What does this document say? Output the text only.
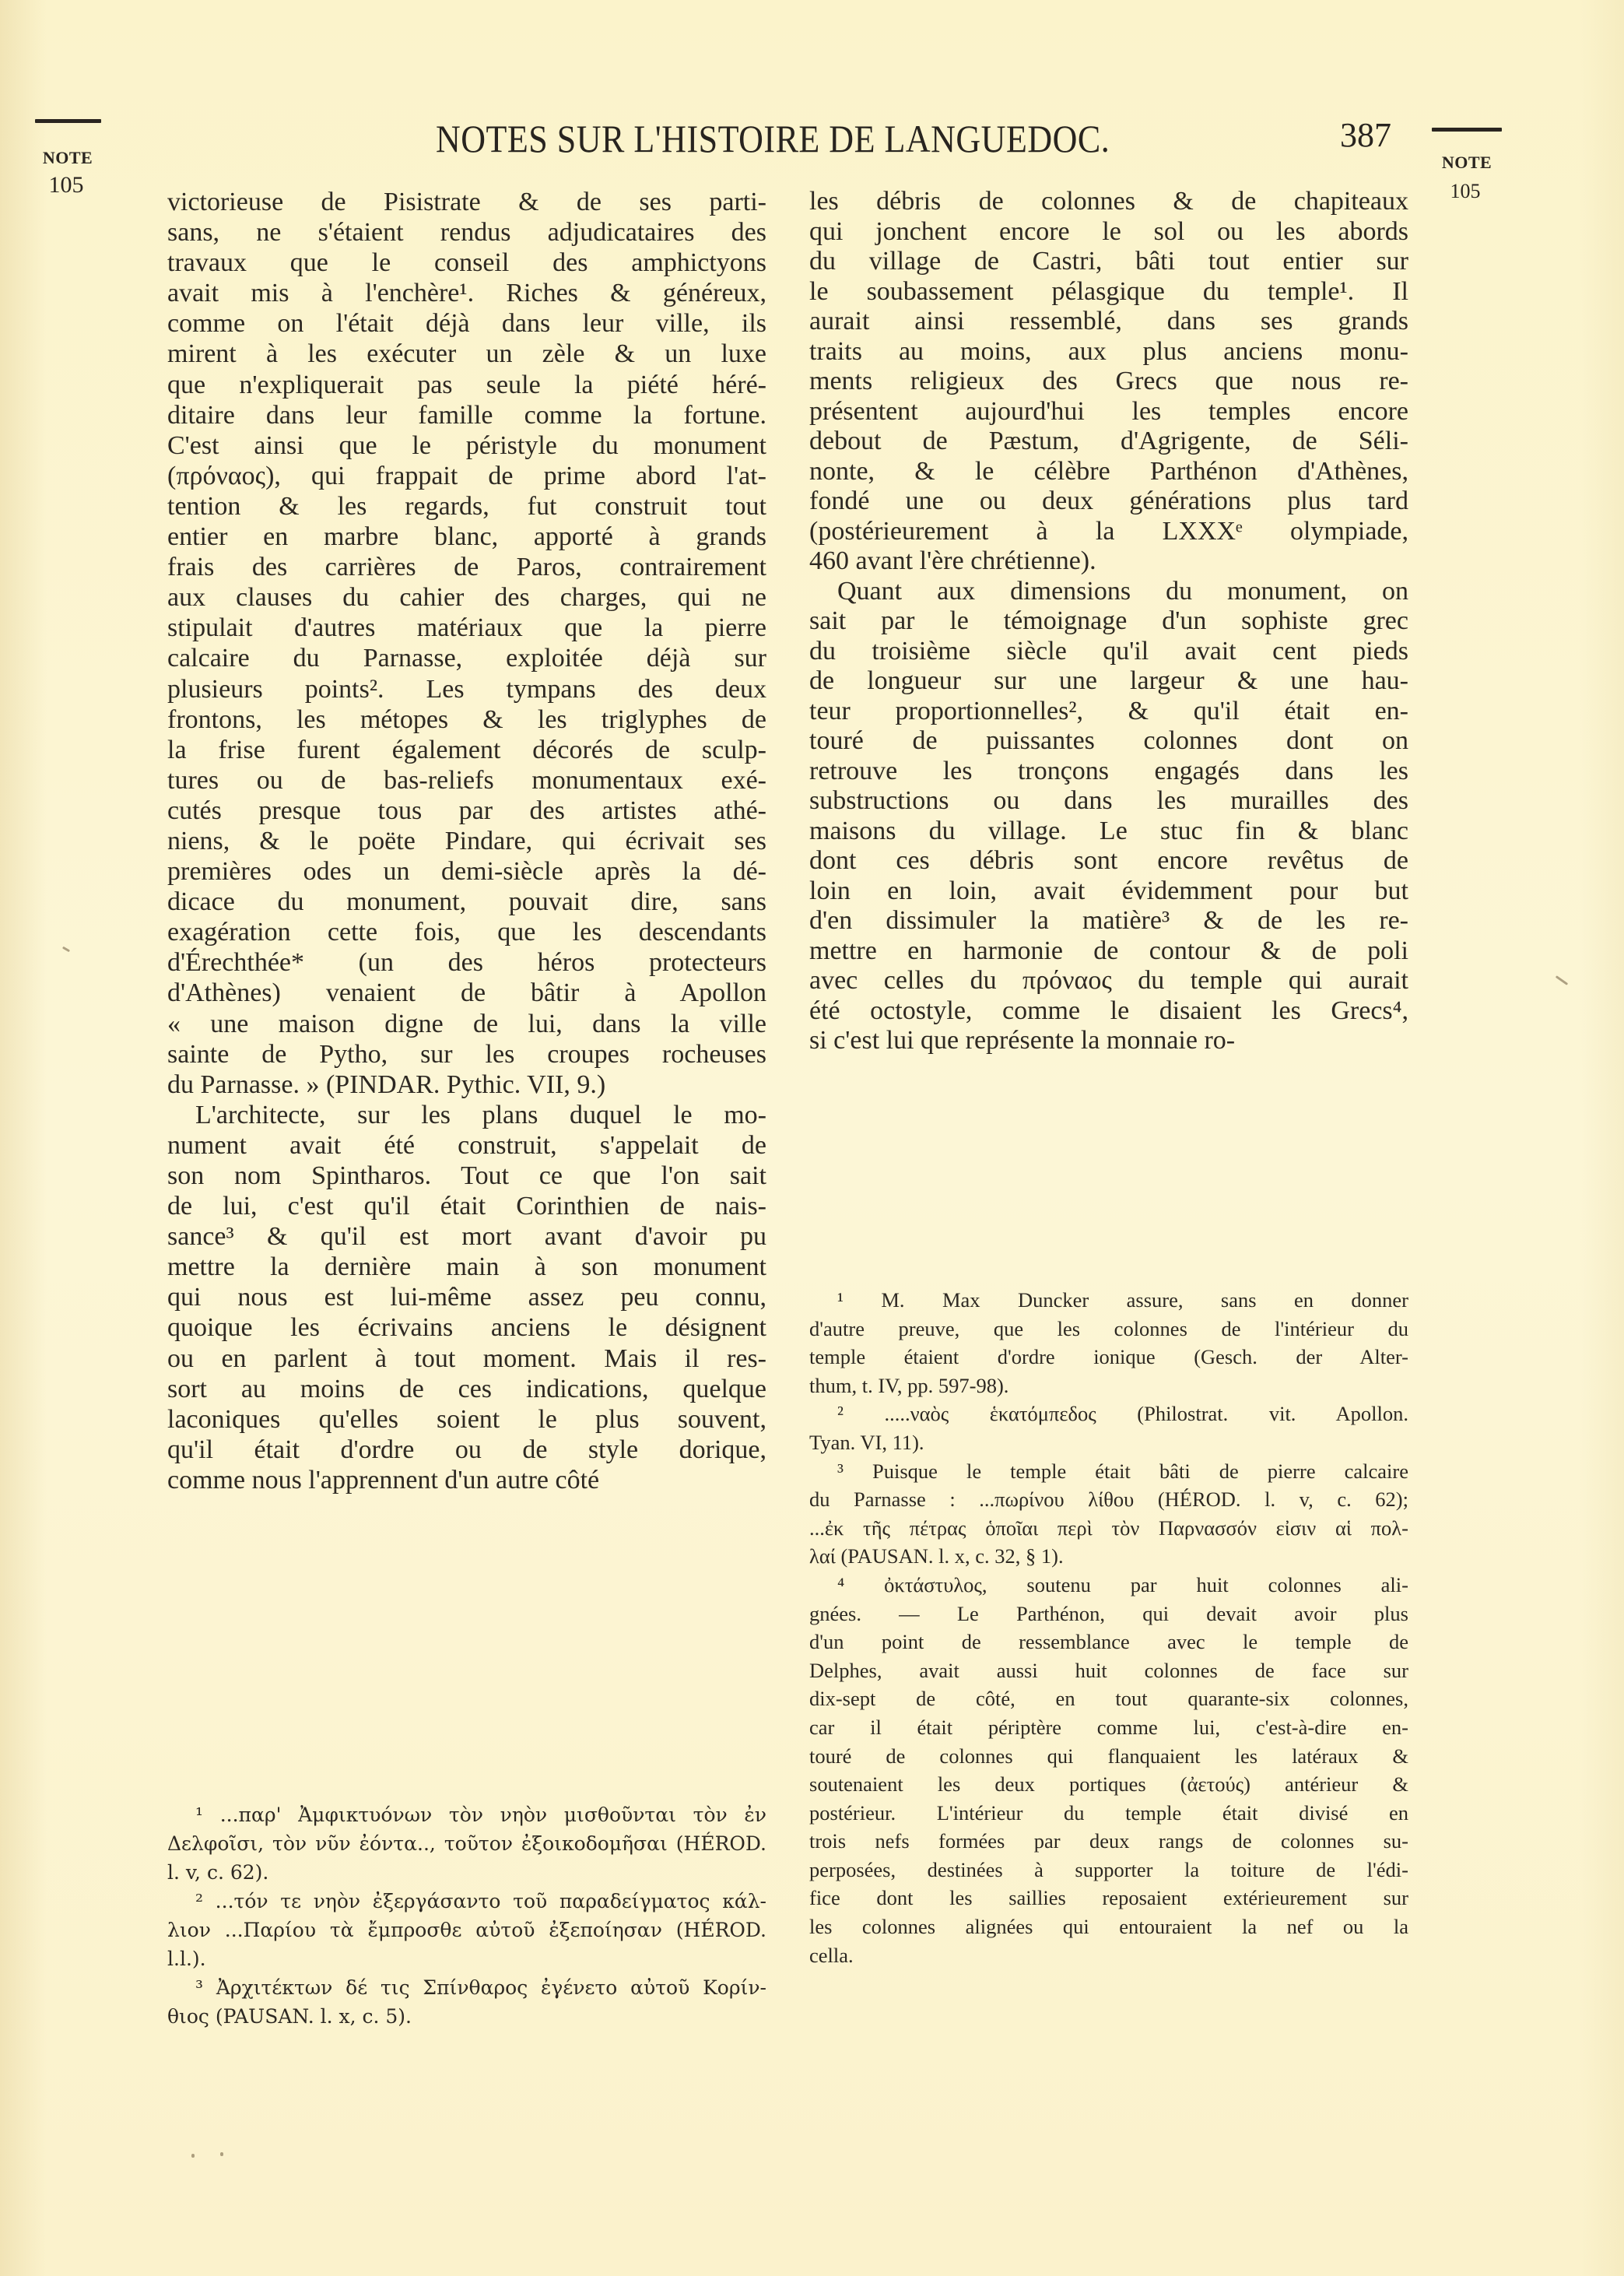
NOTES SUR L'HISTOIRE DE LANGUEDOC.	387
NOTE
105
NOTE
105
victorieuse de Pisistrate & de ses parti-
sans, ne s'étaient rendus adjudicataires des
travaux que le conseil des amphictyons
avait mis à l'enchère¹. Riches & généreux,
comme on l'était déjà dans leur ville, ils
mirent à les exécuter un zèle & un luxe
que n'expliquerait pas seule la piété héré-
ditaire dans leur famille comme la fortune.
C'est ainsi que le péristyle du monument
(πρόναος), qui frappait de prime abord l'at-
tention & les regards, fut construit tout
entier en marbre blanc, apporté à grands
frais des carrières de Paros, contrairement
aux clauses du cahier des charges, qui ne
stipulait d'autres matériaux que la pierre
calcaire du Parnasse, exploitée déjà sur
plusieurs points². Les tympans des deux
frontons, les métopes & les triglyphes de
la frise furent également décorés de sculp-
tures ou de bas-reliefs monumentaux exé-
cutés presque tous par des artistes athé-
niens, & le poëte Pindare, qui écrivait ses
premières odes un demi-siècle après la dé-
dicace du monument, pouvait dire, sans
exagération cette fois, que les descendants
d'Érechthée* (un des héros protecteurs
d'Athènes) venaient de bâtir à Apollon
« une maison digne de lui, dans la ville
sainte de Pytho, sur les croupes rocheuses
du Parnasse. » (PINDAR. Pythic. VII, 9.)
L'architecte, sur les plans duquel le mo-
nument avait été construit, s'appelait de
son nom Spintharos. Tout ce que l'on sait
de lui, c'est qu'il était Corinthien de nais-
sance³ & qu'il est mort avant d'avoir pu
mettre la dernière main à son monument
qui nous est lui-même assez peu connu,
quoique les écrivains anciens le désignent
ou en parlent à tout moment. Mais il res-
sort au moins de ces indications, quelque
laconiques qu'elles soient le plus souvent,
qu'il était d'ordre ou de style dorique,
comme nous l'apprennent d'un autre côté
les débris de colonnes & de chapiteaux
qui jonchent encore le sol ou les abords
du village de Castri, bâti tout entier sur
le soubassement pélasgique du temple¹. Il
aurait ainsi ressemblé, dans ses grands
traits au moins, aux plus anciens monu-
ments religieux des Grecs que nous re-
présentent aujourd'hui les temples encore
debout de Pæstum, d'Agrigente, de Séli-
nonte, & le célèbre Parthénon d'Athènes,
fondé une ou deux générations plus tard
(postérieurement à la LXXXᵉ olympiade,
460 avant l'ère chrétienne).
Quant aux dimensions du monument, on
sait par le témoignage d'un sophiste grec
du troisième siècle qu'il avait cent pieds
de longueur sur une largeur & une hau-
teur proportionnelles², & qu'il était en-
touré de puissantes colonnes dont on
retrouve les tronçons engagés dans les
substructions ou dans les murailles des
maisons du village. Le stuc fin & blanc
dont ces débris sont encore revêtus de
loin en loin, avait évidemment pour but
d'en dissimuler la matière³ & de les re-
mettre en harmonie de contour & de poli
avec celles du πρόναος du temple qui aurait
été octostyle, comme le disaient les Grecs⁴,
si c'est lui que représente la monnaie ro-
¹ ...παρ' Ἀμφικτυόνων τὸν νηὸν μισθοῦνται τὸν ἐν
Δελφοῖσι, τὸν νῦν ἐόντα.., τοῦτον ἐξοικοδομῆσαι (HÉROD.
l. v, c. 62).
² ...τόν τε νηὸν ἐξεργάσαντο τοῦ παραδείγματος κάλ-
λιον ...Παρίου τὰ ἔμπροσθε αὐτοῦ ἐξεποίησαν (HÉROD.
l.l.).
³ Ἀρχιτέκτων δέ τις Σπίνθαρος ἐγένετο αὐτοῦ Κορίν-
θιος (PAUSAN. l. x, c. 5).
¹ M. Max Duncker assure, sans en donner
d'autre preuve, que les colonnes de l'intérieur du
temple étaient d'ordre ionique (Gesch. der Alter-
thum, t. IV, pp. 597-98).
² .....ναὸς ἑκατόμπεδος (Philostrat. vit. Apollon.
Tyan. VI, 11).
³ Puisque le temple était bâti de pierre calcaire
du Parnasse : ...πωρίνου λίθου (HÉROD. l. v, c. 62);
...ἐκ τῆς πέτρας ὁποῖαι περὶ τὸν Παρνασσόν εἰσιν αἱ πολ-
λαί (PAUSAN. l. x, c. 32, § 1).
⁴ ὀκτάστυλος, soutenu par huit colonnes ali-
gnées. — Le Parthénon, qui devait avoir plus
d'un point de ressemblance avec le temple de
Delphes, avait aussi huit colonnes de face sur
dix-sept de côté, en tout quarante-six colonnes,
car il était périptère comme lui, c'est-à-dire en-
touré de colonnes qui flanquaient les latéraux &
soutenaient les deux portiques (ἀετούς) antérieur &
postérieur. L'intérieur du temple était divisé en
trois nefs formées par deux rangs de colonnes su-
perposées, destinées à supporter la toiture de l'édi-
fice dont les saillies reposaient extérieurement sur
les colonnes alignées qui entouraient la nef ou la
cella.
